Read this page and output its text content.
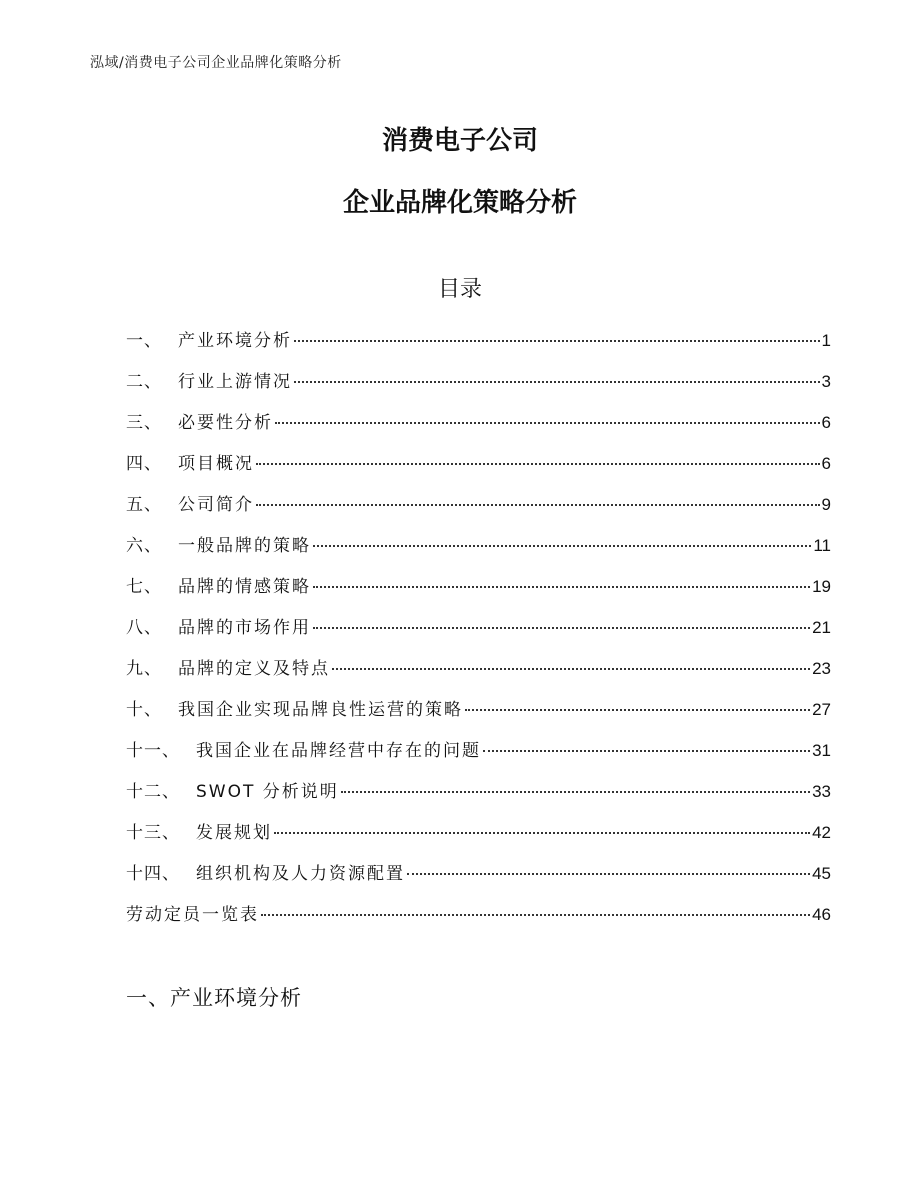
泓域/消费电子公司企业品牌化策略分析
消费电子公司
企业品牌化策略分析
目录
一、 产业环境分析	1
二、 行业上游情况	3
三、 必要性分析	6
四、 项目概况	6
五、 公司简介	9
六、 一般品牌的策略	11
七、 品牌的情感策略	19
八、 品牌的市场作用	21
九、 品牌的定义及特点	23
十、 我国企业实现品牌良性运营的策略	27
十一、 我国企业在品牌经营中存在的问题	31
十二、 SWOT 分析说明	33
十三、 发展规划	42
十四、 组织机构及人力资源配置	45
劳动定员一览表	46
一、产业环境分析
